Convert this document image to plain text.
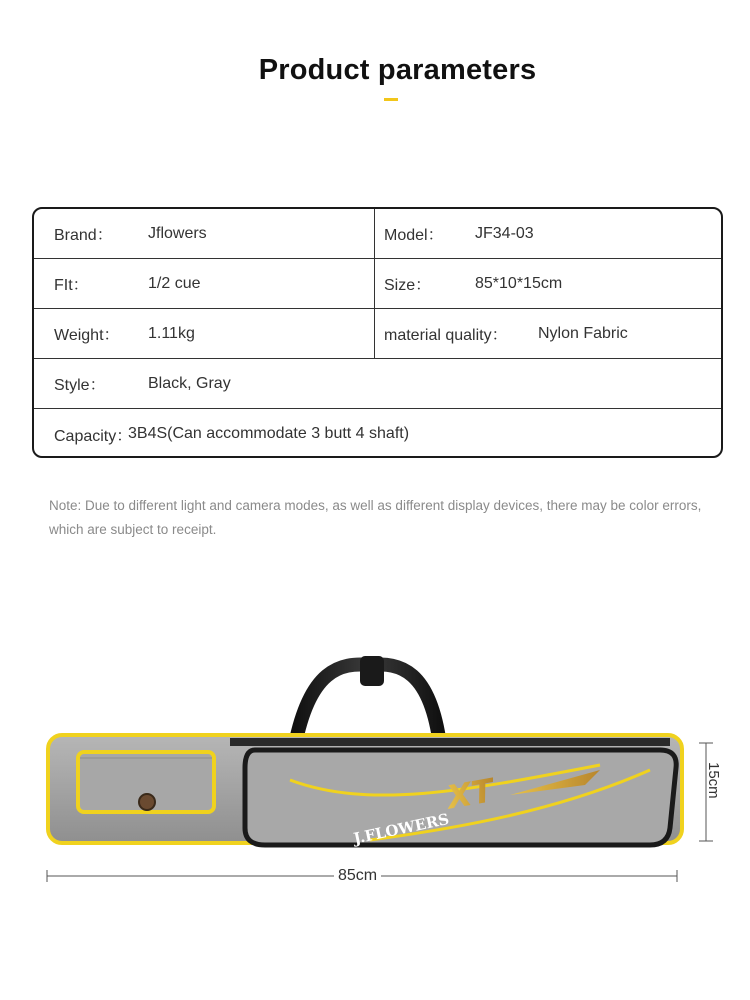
Product parameters
Brand： Jflowers	Model： JF34-03
FIt：	1/2 cue	Size：	85*10*15cm
Weight： 1.11kg	material quality： Nylon Fabric
Style：	Black, Gray
Capacity：
3B4S(Can accommodate 3 butt 4 shaft)
Note: Due to different light and camera modes, as well as different display devices, there may be color errors, which are subject to receipt.
J.FLOWERS
XT	15cm
85cm
